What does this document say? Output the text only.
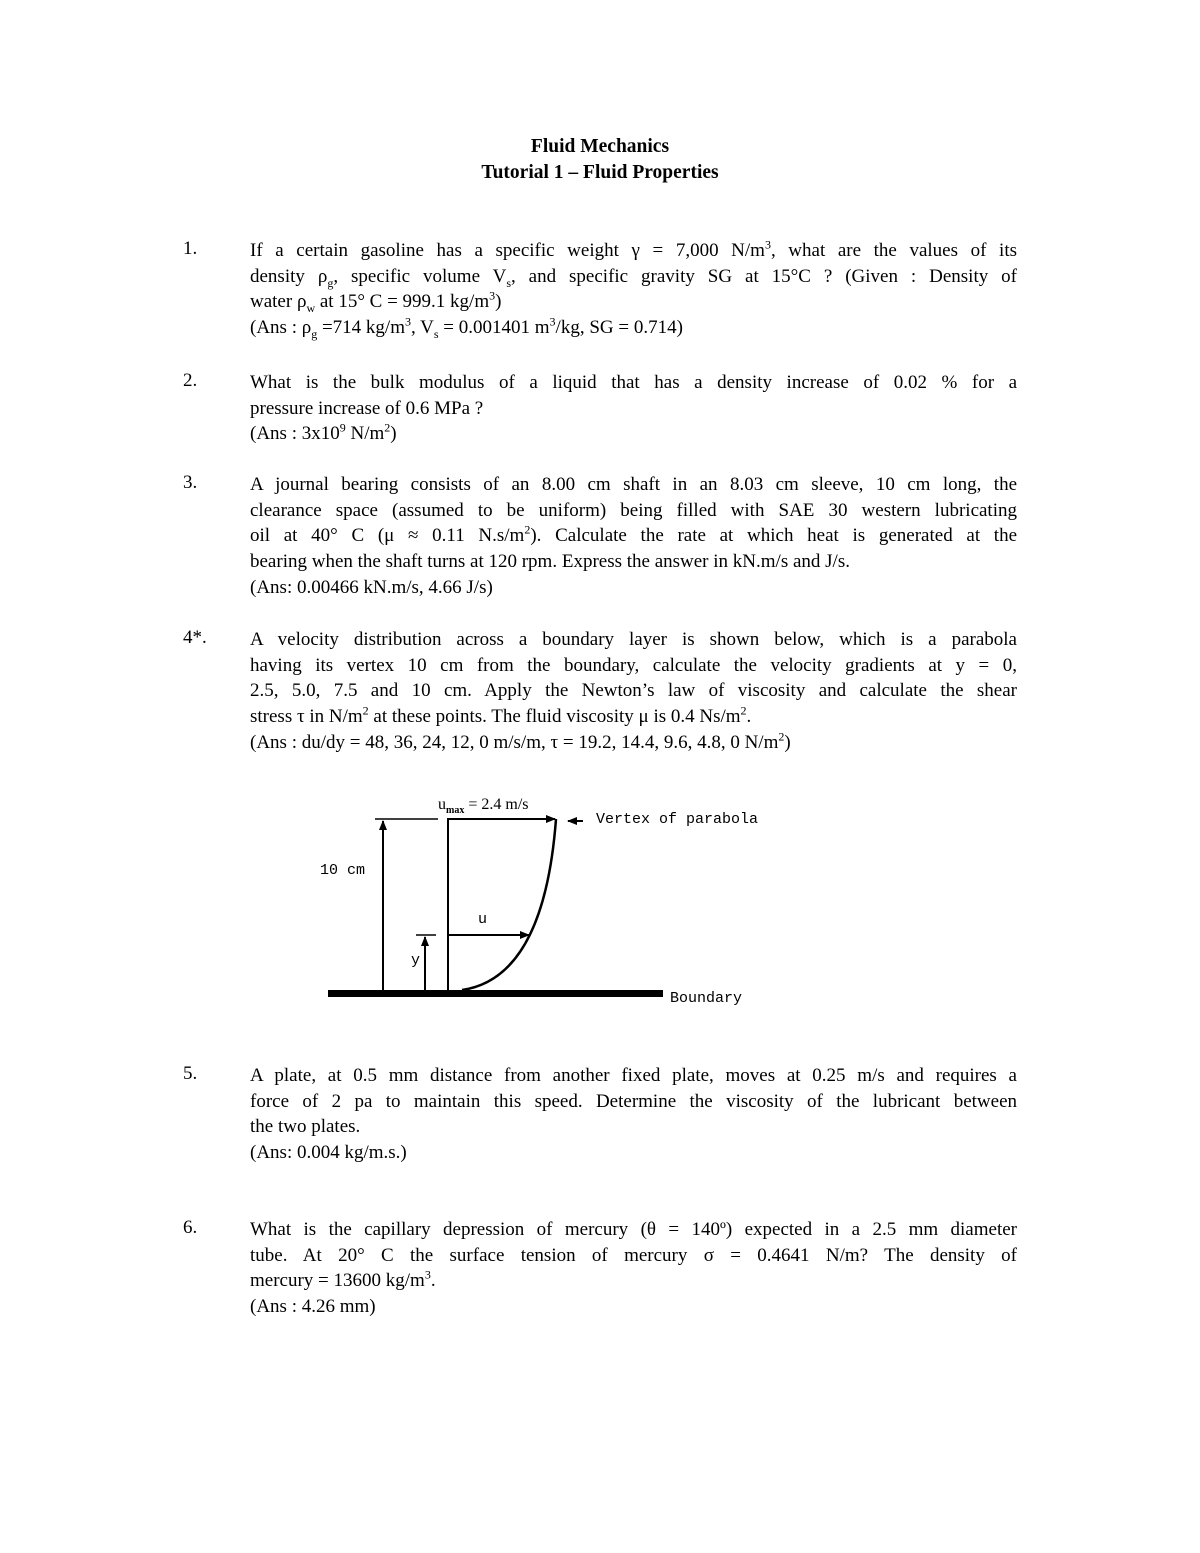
Fluid Mechanics
Tutorial 1 – Fluid Properties
1.	If a certain gasoline has a specific weight γ = 7,000 $N/m^3$, what are the values of its

density $\rho_g$, specific volume $V_s$, and specific gravity SG at 15°C ? (Given : Density of

water $\rho_w$ at 15° C = 999.1 $kg/m^3$)

(Ans : $\rho_g =714$ $kg/m^3$, $V_s = 0.001401$ $m^3/kg$, SG = 0.714)

2.	What is the bulk modulus of a liquid that has a density increase of 0.02 % for a

pressure increase of 0.6 MPa ?

(Ans : $3x10^9$ $N/m^2$)

3.	A journal bearing consists of an 8.00 cm shaft in an 8.03 cm sleeve, 10 cm long, the

clearance space (assumed to be uniform) being filled with SAE 30 western lubricating

oil at 40° C (μ ≈ 0.11 $N.s/m^2$). Calculate the rate at which heat is generated at the

bearing when the shaft turns at 120 rpm. Express the answer in kN.m/s and J/s.

(Ans: 0.00466 kN.m/s, 4.66 J/s)

4*. A velocity distribution across a boundary layer is shown below, which is a parabola

having its vertex 10 cm from the boundary, calculate the velocity gradients at y = 0,

2.5, 5.0, 7.5 and 10 cm. Apply the Newton’s law of viscosity and calculate the shear

stress τ in $N/m^2$ at these points. The fluid viscosity μ is 0.4 $Ns/m^2$.

(Ans : du/dy = 48, 36, 24, 12, 0 m/s/m, τ = 19.2, 14.4, 9.6, 4.8, 0 $N/m^2$)

$u_{max} = 2.4$ m/s
Vertex of parabola
10 cm
u
y
Boundary
5.	A plate, at 0.5 mm distance from another fixed plate, moves at 0.25 m/s and requires a

force of 2 pa to maintain this speed. Determine the viscosity of the lubricant between

the two plates.

(Ans: 0.004 kg/m.s.)

6.	What is the capillary depression of mercury (θ = 140º) expected in a 2.5 mm diameter

tube. At 20° C the surface tension of mercury σ = 0.4641 N/m? The density of

mercury = 13600 $kg/m^3$.

(Ans : 4.26 mm)
